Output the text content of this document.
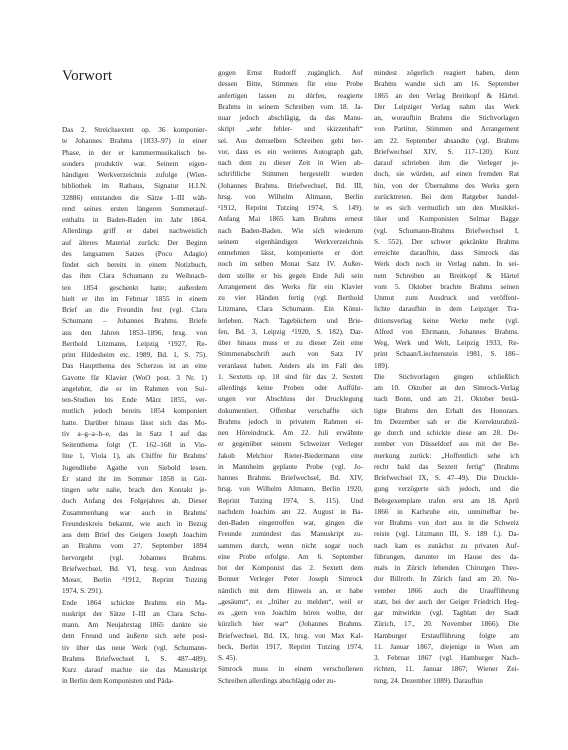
Vorwort
Das 2. Streichsextett op. 36 komponier-
te Johannes Brahms (1833–97) in einer
Phase, in der er kammermusikalisch be-
sonders produktiv war. Seinem eigen-
händigen Werkverzeichnis zufolge (Wien-
bibliothek im Rathaus, Signatur H.I.N.
32886) entstanden die Sätze I–III wäh-
rend seines ersten längeren Sommerauf-
enthalts in Baden-Baden im Jahr 1864.
Allerdings griff er dabei nachweislich
auf älteres Material zurück: Der Beginn
des langsamen Satzes (Poco Adagio)
findet sich bereits in einem Notizbuch,
das ihm Clara Schumann zu Weihnach-
ten 1854 geschenkt hatte; außerdem
hielt er ihn im Februar 1855 in einem
Brief an die Freundin fest (vgl. Clara
Schumann – Johannes Brahms. Briefe
aus den Jahren 1853–1896, hrsg. von
Berthold Litzmann, Leipzig ²1927, Re-
print Hildesheim etc. 1989, Bd. 1, S. 75).
Das Hauptthema des Scherzos ist an eine
Gavotte für Klavier (WoO post. 3 Nr. 1)
angelehnt, die er im Rahmen von Sui-
ten-Studien bis Ende März 1855, ver-
mutlich jedoch bereits 1854 komponiert
hatte. Darüber hinaus lässt sich das Mo-
tiv a–g–a–h–e, das in Satz I auf das
Seitenthema folgt (T. 162–168 in Vio-
line 1, Viola 1), als Chiffre für Brahms'
Jugendliebe Agathe von Siebold lesen.
Er stand ihr im Sommer 1858 in Göt-
tingen sehr nahe, brach den Kontakt je-
doch Anfang des Folgejahres ab. Dieser
Zusammenhang war auch in Brahms'
Freundeskreis bekannt, wie auch in Bezug
aus dem Brief des Geigers Joseph Joachim
an Brahms vom 27. September 1894
hervorgeht (vgl. Johannes Brahms.
Briefwechsel, Bd. VI, hrsg. von Andreas
Moser, Berlin ³1912, Reprint Tutzing
1974, S. 291).
Ende 1864 schickte Brahms ein Ma-
nuskript der Sätze I–III an Clara Schu-
mann. Am Neujahrstag 1865 dankte sie
dem Freund und äußerte sich sehr posi-
tiv über das neue Werk (vgl. Schumann-
Brahms Briefwechsel I, S. 487–489).
Kurz darauf machte sie das Manuskript
in Berlin dem Komponisten und Päda-
gogen Ernst Rudorff zugänglich. Auf
dessen Bitte, Stimmen für eine Probe
anfertigen lassen zu dürfen, reagierte
Brahms in seinem Schreiben vom 18. Ja-
nuar jedoch abschlägig, da das Manu-
skript „sehr fehler- und skizzenhaft“
sei. Aus demselben Schreiben geht her-
vor, dass es ein weiteres Autograph gab,
nach dem zu dieser Zeit in Wien ab-
schriftliche Stimmen hergestellt wurden
(Johannes Brahms. Briefwechsel, Bd. III,
hrsg. von Wilhelm Altmann, Berlin
²1912, Reprint Tutzing 1974, S. 149).
Anfang Mai 1865 kam Brahms erneut
nach Baden-Baden. Wie sich wiederum
seinem eigenhändigen Werkverzeichnis
entnehmen lässt, komponierte er dort
noch im selben Monat Satz IV. Außer-
dem stellte er bis gegen Ende Juli sein
Arrangement des Werks für ein Klavier
zu vier Händen fertig (vgl. Berthold
Litzmann, Clara Schumann. Ein Künst-
lerleben. Nach Tagebüchern und Brie-
fen, Bd. 3, Leipzig ⁴1920, S. 182). Dar-
über hinaus muss er zu dieser Zeit eine
Stimmenabschrift auch von Satz IV
veranlasst haben. Anders als im Fall des
1. Sextetts op. 18 sind für das 2. Sextett
allerdings keine Proben oder Aufführ-
ungen vor Abschluss der Drucklegung
dokumentiert. Offenbar verschaffte sich
Brahms jedoch in privatem Rahmen ei-
nen Höreindruck. Am 22. Juli erwähnte
er gegenüber seinem Schweizer Verleger
Jakob Melchior Rieter-Biedermann eine
in Mannheim geplante Probe (vgl. Jo-
hannes Brahms. Briefwechsel, Bd. XIV,
hrsg. von Wilhelm Altmann, Berlin 1920,
Reprint Tutzing 1974, S. 115). Und
nachdem Joachim am 22. August in Ba-
den-Baden eingetroffen war, gingen die
Freunde zumindest das Manuskript zu-
sammen durch, wenn nicht sogar noch
eine Probe erfolgte. Am 6. September
bot der Komponist das 2. Sextett dem
Bonner Verleger Peter Joseph Simrock
nämlich mit dem Hinweis an, er habe
„gesäumt“, es „früher zu melden“, weil er
es „gern von Joachim hören wollte, der
kürzlich hier war“ (Johannes Brahms.
Briefwechsel, Bd. IX, hrsg. von Max Kal-
beck, Berlin 1917, Reprint Tutzing 1974,
S. 45).
Simrock muss in einem verschollenen
Schreiben allerdings abschlägig oder zu-
mindest zögerlich reagiert haben, denn
Brahms wandte sich am 16. September
1865 an den Verlag Breitkopf & Härtel.
Der Leipziger Verlag nahm das Werk
an, woraufhin Brahms die Stichvorlagen
von Partitur, Stimmen und Arrangement
am 22. September absandte (vgl. Brahms
Briefwechsel XIV, S. 117–120). Kurz
darauf schrieben ihm die Verleger je-
doch, sie würden, auf einen fremden Rat
hin, von der Übernahme des Werks gern
zurücktreten. Bei dem Ratgeber handel-
te es sich vermutlich um den Musikkri-
tiker und Komponisten Selmar Bagge
(vgl. Schumann-Brahms Briefwechsel I,
S. 552). Der schwer gekränkte Brahms
erreichte daraufhin, dass Simrock das
Werk doch noch in Verlag nahm. In sei-
nem Schreiben an Breitkopf & Härtel
vom 5. Oktober brachte Brahms seinen
Unmut zum Ausdruck und veröffent-
lichte daraufhin in dem Leipziger Tra-
ditionsverlag keine Werke mehr (vgl.
Alfred von Ehrmann, Johannes Brahms.
Weg, Werk und Welt, Leipzig 1933, Re-
print Schaan/Liechtenstein 1981, S. 186–
189).
Die Stichvorlagen gingen schließlich
am 10. Oktober an den Simrock-Verlag
nach Bonn, und am 21. Oktober bestä-
tigte Brahms den Erhalt des Honorars.
Im Dezember sah er die Korrekturabzü-
ge durch und schickte diese am 28. De-
zember von Düsseldorf aus mit der Be-
merkung zurück: „Hoffentlich sehe ich
recht bald das Sextett fertig“ (Brahms
Briefwechsel IX, S. 47–49). Die Druckle-
gung verzögerte sich jedoch, und die
Belegexemplare trafen erst am 18. April
1866 in Karlsruhe ein, unmittelbar be-
vor Brahms von dort aus in die Schweiz
reiste (vgl. Litzmann III, S. 189 f.). Da-
nach kam es zunächst zu privaten Auf-
führungen, darunter im Hause des da-
mals in Zürich lebenden Chirurgen Theo-
dor Billroth. In Zürich fand am 20. No-
vember 1866 auch die Uraufführung
statt, bei der auch der Geiger Friedrich Heg-
gar mitwirkte (vgl. Tagblatt der Stadt
Zürich, 17., 20. November 1866). Die
Hamburger Erstaufführung folgte am
11. Januar 1867, diejenige in Wien am
3. Februar 1867 (vgl. Hamburger Nach-
richten, 11. Januar 1867; Wiener Zei-
tung, 24. Dezember 1889). Daraufhin
